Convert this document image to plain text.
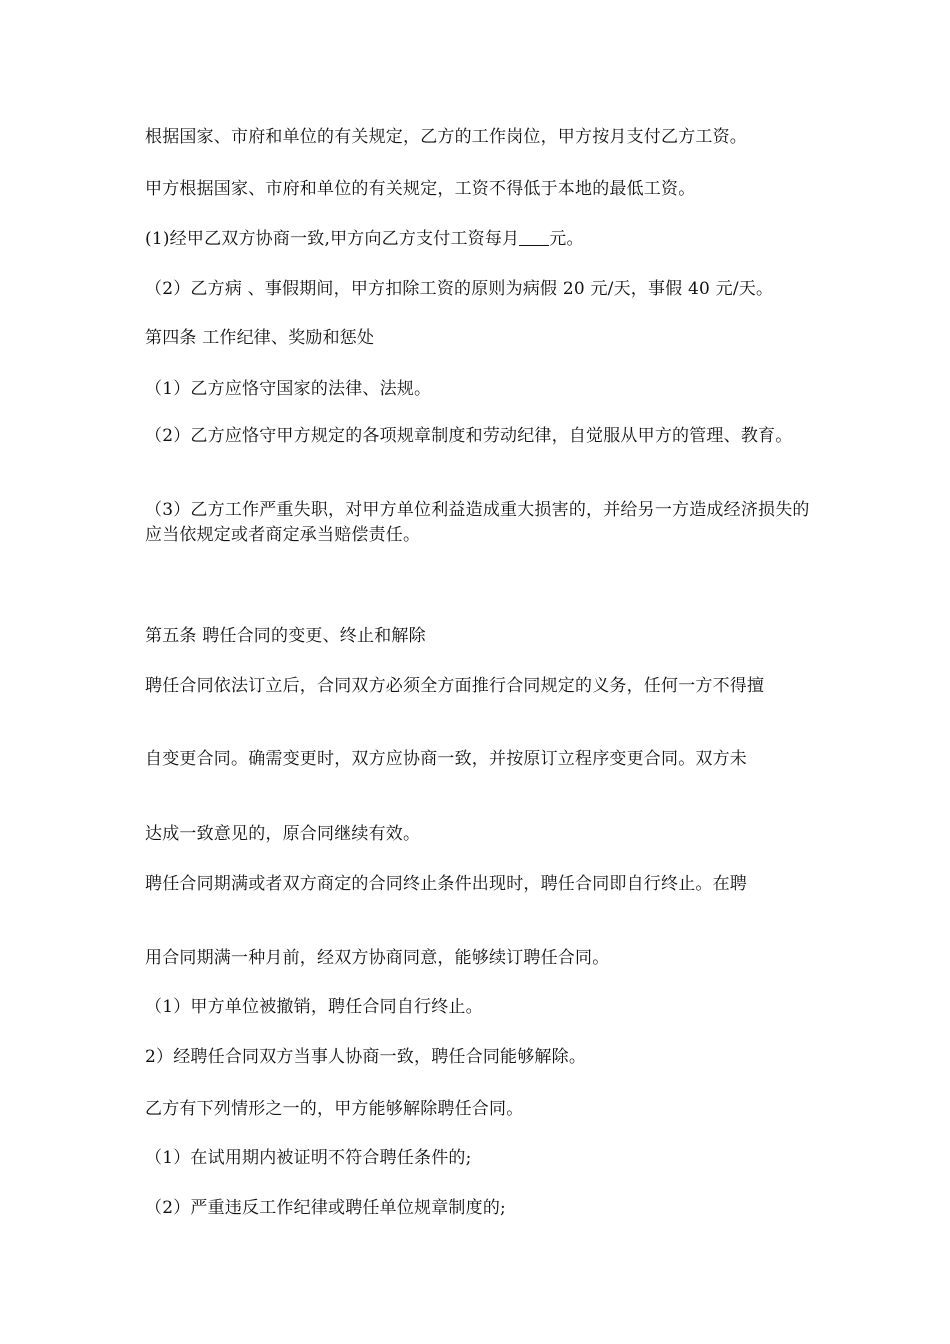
根据国家、市府和单位的有关规定，乙方的工作岗位，甲方按月支付乙方工资。
甲方根据国家、市府和单位的有关规定，工资不得低于本地的最低工资。
(1)经甲乙双方协商一致,甲方向乙方支付工资每月 元。
（2）乙方病 、事假期间，甲方扣除工资的原则为病假 20 元/天，事假 40 元/天。
第四条 工作纪律、奖励和惩处
（1）乙方应恪守国家的法律、法规。
（2）乙方应恪守甲方规定的各项规章制度和劳动纪律，自觉服从甲方的管理、教育。
（3）乙方工作严重失职，对甲方单位利益造成重大损害的，并给另一方造成经济损失的应当依规定或者商定承当赔偿责任。
第五条 聘任合同的变更、终止和解除
聘任合同依法订立后，合同双方必须全方面推行合同规定的义务，任何一方不得擅
自变更合同。确需变更时，双方应协商一致，并按原订立程序变更合同。双方未
达成一致意见的，原合同继续有效。
聘任合同期满或者双方商定的合同终止条件出现时，聘任合同即自行终止。在聘
用合同期满一种月前，经双方协商同意，能够续订聘任合同。
（1）甲方单位被撤销，聘任合同自行终止。
2）经聘任合同双方当事人协商一致，聘任合同能够解除。
乙方有下列情形之一的，甲方能够解除聘任合同。
（1）在试用期内被证明不符合聘任条件的;
（2）严重违反工作纪律或聘任单位规章制度的;
